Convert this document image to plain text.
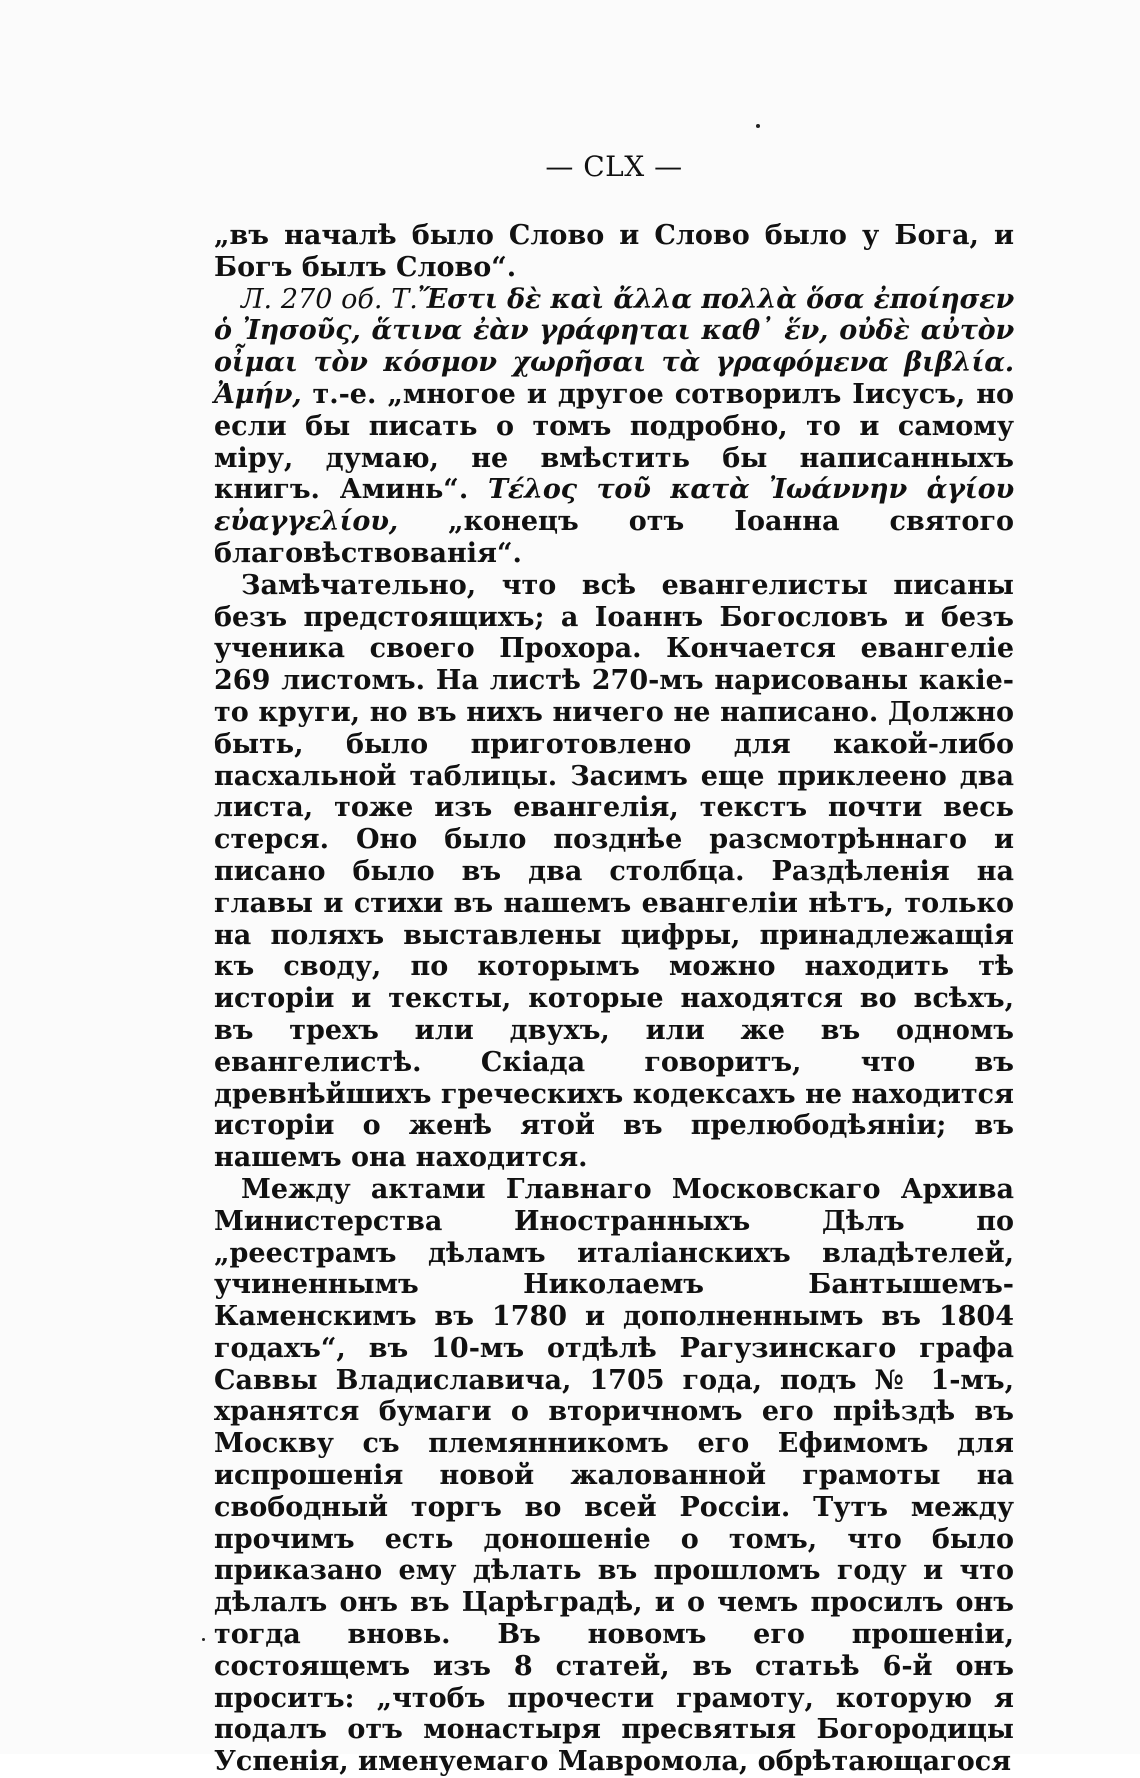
— CLX —

„въ началѣ было Слово и Слово было у Бога, и Богъ былъ Слово“.

Л. 270 об. Т.Ἔστι δὲ καὶ ἄλλα πολλὰ ὅσα ἐποίησεν ὁ Ἰησοῦς, ἅτινα ἐὰν γράφηται καθ᾽ ἕν, οὐδὲ αὐτὸν οἶμαι τὸν κόσμον χωρῆσαι τὰ γραφόμενα βιβλία. Ἀμήν, т.-е. „многое и другое сотворилъ Iисусъ, но если бы писать о томъ подробно, то и самому міру, думаю, не вмѣстить бы написанныхъ книгъ. Аминь“. Τέλος τοῦ κατὰ Ἰωάννην ἁγίου εὐαγγελίου, „конецъ отъ Iоанна святого благовѣствованія“.

Замѣчательно, что всѣ евангелисты писаны безъ предстоящихъ; а Iоаннъ Богословъ и безъ ученика своего Прохора. Кончается евангеліе 269 листомъ. На листѣ 270-мъ нарисованы какіе-то круги, но въ нихъ ничего не написано. Должно быть, было приготовлено для какой-либо пасхальной таблицы. Засимъ еще приклеено два листа, тоже изъ евангелія, текстъ почти весь стерся. Оно было позднѣе разсмотрѣннаго и писано было въ два столбца. Раздѣленія на главы и стихи въ нашемъ евангеліи нѣтъ, только на поляхъ выставлены цифры, принадлежащія къ своду, по которымъ можно находить тѣ исторіи и тексты, которые находятся во всѣхъ, въ трехъ или двухъ, или же въ одномъ евангелистѣ. Скіада говоритъ, что въ древнѣйшихъ греческихъ кодексахъ не находится исторіи о женѣ ятой въ прелюбодѣяніи; въ нашемъ она находится.

Между актами Главнаго Московскаго Архива Министерства Иностранныхъ Дѣлъ по „реестрамъ дѣламъ италіанскихъ владѣтелей, учиненнымъ Николаемъ Бантышемъ-Каменскимъ въ 1780 и дополненнымъ въ 1804 годахъ“, въ 10-мъ отдѣлѣ Рагузинскаго графа Саввы Владиславича, 1705 года, подъ № 1-мъ, хранятся бумаги о вторичномъ его пріѣздѣ въ Москву съ племянникомъ его Ефимомъ для испрошенія новой жалованной грамоты на свободный торгъ во всей Россіи. Тутъ между прочимъ есть доношеніе о томъ, что было приказано ему дѣлать въ прошломъ году и что дѣлалъ онъ въ Царѣградѣ, и о чемъ просилъ онъ тогда вновь. Въ новомъ его прошеніи, состоящемъ изъ 8 статей, въ статьѣ 6-й онъ проситъ: „чтобъ прочести грамоту, которую я подалъ отъ монастыря пресвятыя Богородицы Успенія, именуемаго Мавромола, обрѣтающагося
